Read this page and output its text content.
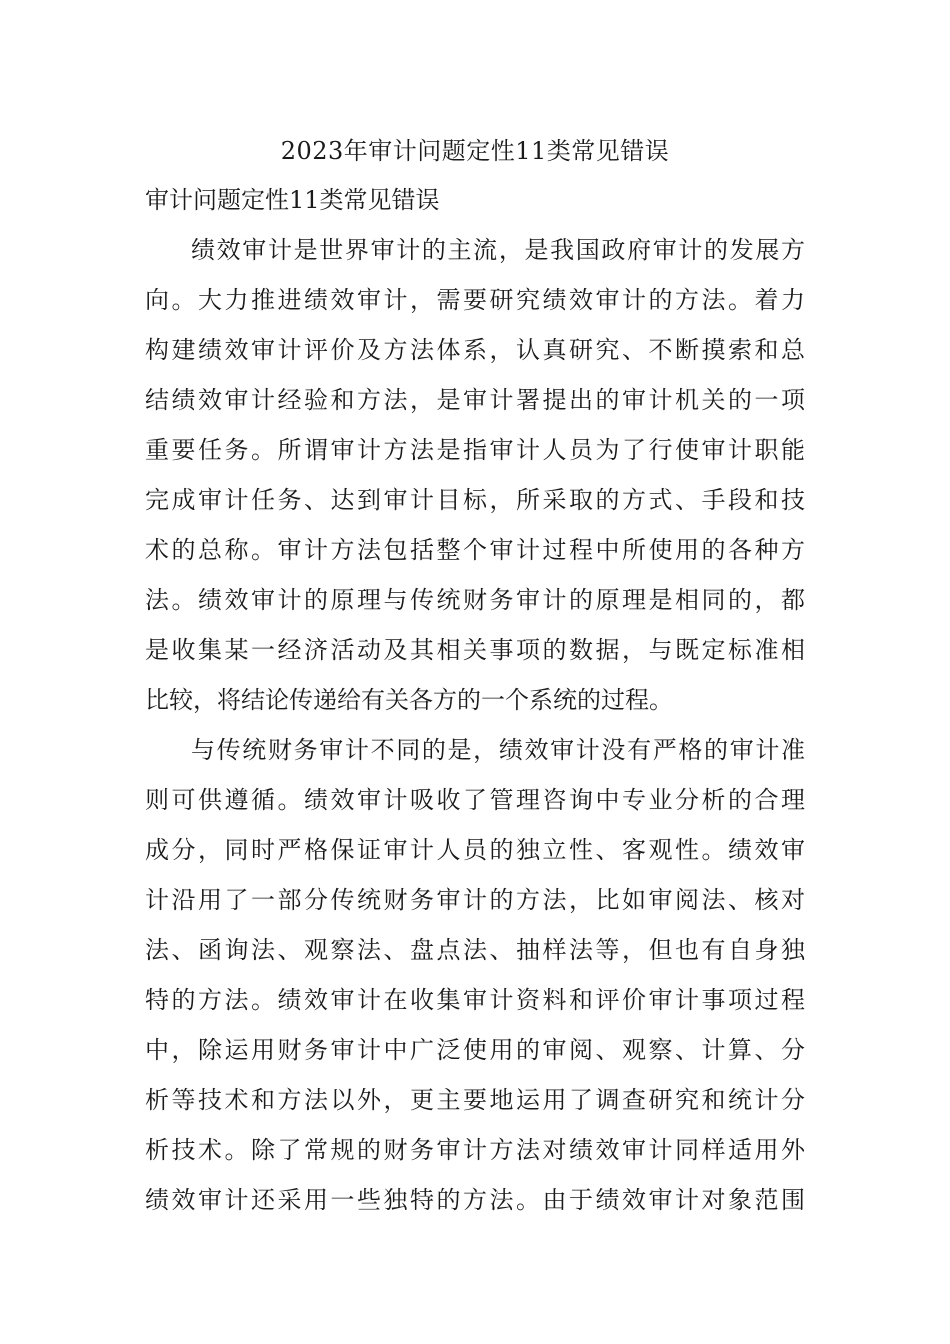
2023年审计问题定性11类常见错误
审计问题定性11类常见错误
绩效审计是世界审计的主流，是我国政府审计的发展方
向。大力推进绩效审计，需要研究绩效审计的方法。着力
构建绩效审计评价及方法体系，认真研究、不断摸索和总
结绩效审计经验和方法，是审计署提出的审计机关的一项
重要任务。所谓审计方法是指审计人员为了行使审计职能
完成审计任务、达到审计目标，所采取的方式、手段和技
术的总称。审计方法包括整个审计过程中所使用的各种方
法。绩效审计的原理与传统财务审计的原理是相同的，都
是收集某一经济活动及其相关事项的数据，与既定标准相
比较，将结论传递给有关各方的一个系统的过程。
与传统财务审计不同的是，绩效审计没有严格的审计准
则可供遵循。绩效审计吸收了管理咨询中专业分析的合理
成分，同时严格保证审计人员的独立性、客观性。绩效审
计沿用了一部分传统财务审计的方法，比如审阅法、核对
法、函询法、观察法、盘点法、抽样法等，但也有自身独
特的方法。绩效审计在收集审计资料和评价审计事项过程
中，除运用财务审计中广泛使用的审阅、观察、计算、分
析等技术和方法以外，更主要地运用了调查研究和统计分
析技术。除了常规的财务审计方法对绩效审计同样适用外
绩效审计还采用一些独特的方法。由于绩效审计对象范围
